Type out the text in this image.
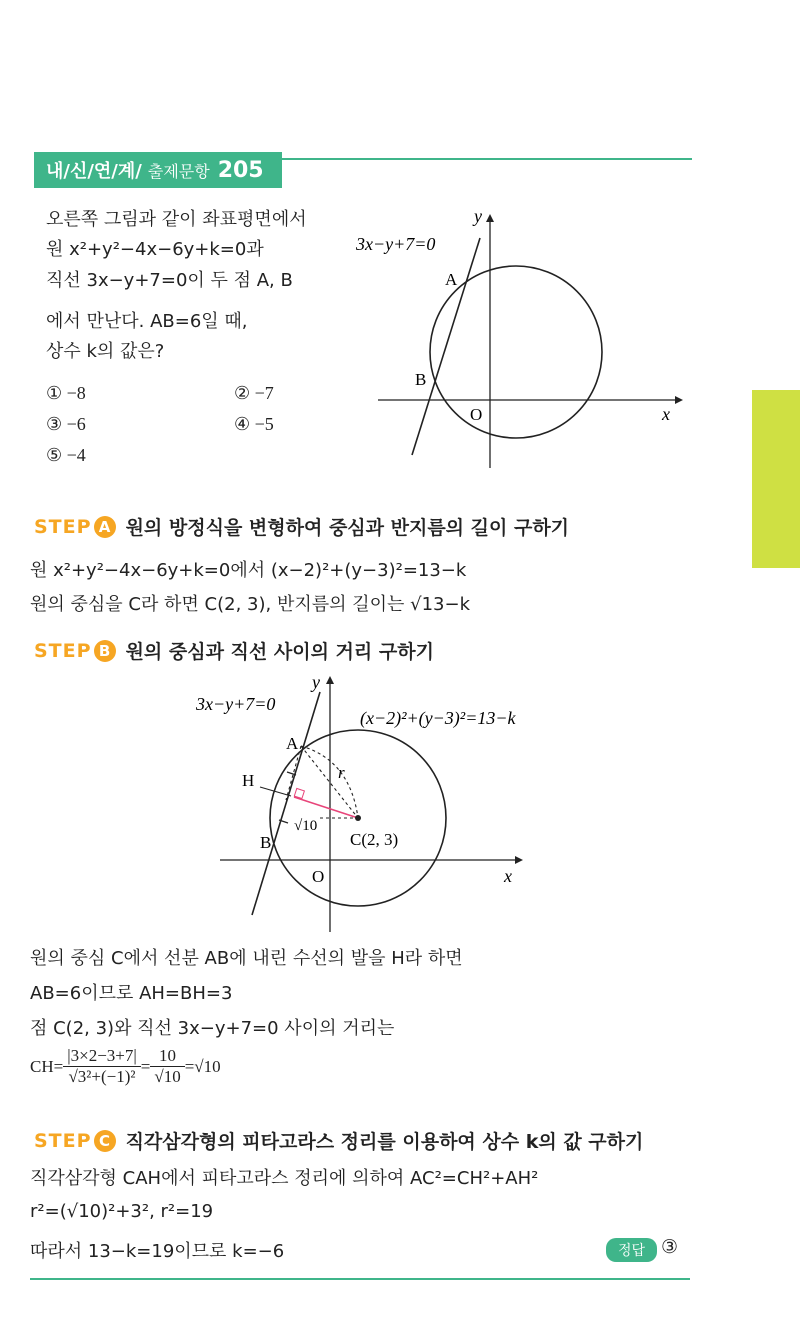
내/신/연/계/ 출제문항 205
오른쪽 그림과 같이 좌표평면에서
원 x²+y²−4x−6y+k=0과
직선 3x−y+7=0이 두 점 A, B
에서 만난다. AB=6일 때,
상수 k의 값은?
① −8	② −7
③ −6	④ −5
⑤ −4
3x−y+7=0
A
B
O	x
y
STEP A 원의 방정식을 변형하여 중심과 반지름의 길이 구하기
원 x²+y²−4x−6y+k=0에서 (x−2)²+(y−3)²=13−k
원의 중심을 C라 하면 C(2, 3), 반지름의 길이는 √13−k
STEP B 원의 중심과 직선 사이의 거리 구하기
3x−y+7=0
(x−2)²+(y−3)²=13−k
A
H
B	C(2, 3)
r
√10
O	x
y
원의 중심 C에서 선분 AB에 내린 수선의 발을 H라 하면
AB=6이므로 AH=BH=3
점 C(2, 3)와 직선 3x−y+7=0 사이의 거리는
$CH= \frac{|3\times 2-3+7|}{\text{√3²+(−1)²}} = \frac{10}{√10} =√10$
STEP C 직각삼각형의 피타고라스 정리를 이용하여 상수 k의 값 구하기
직각삼각형 CAH에서 피타고라스 정리에 의하여 AC²=CH²+AH²
r²=(√10)²+3², r²=19
따라서 13−k=19이므로 k=−6	정답 ③
